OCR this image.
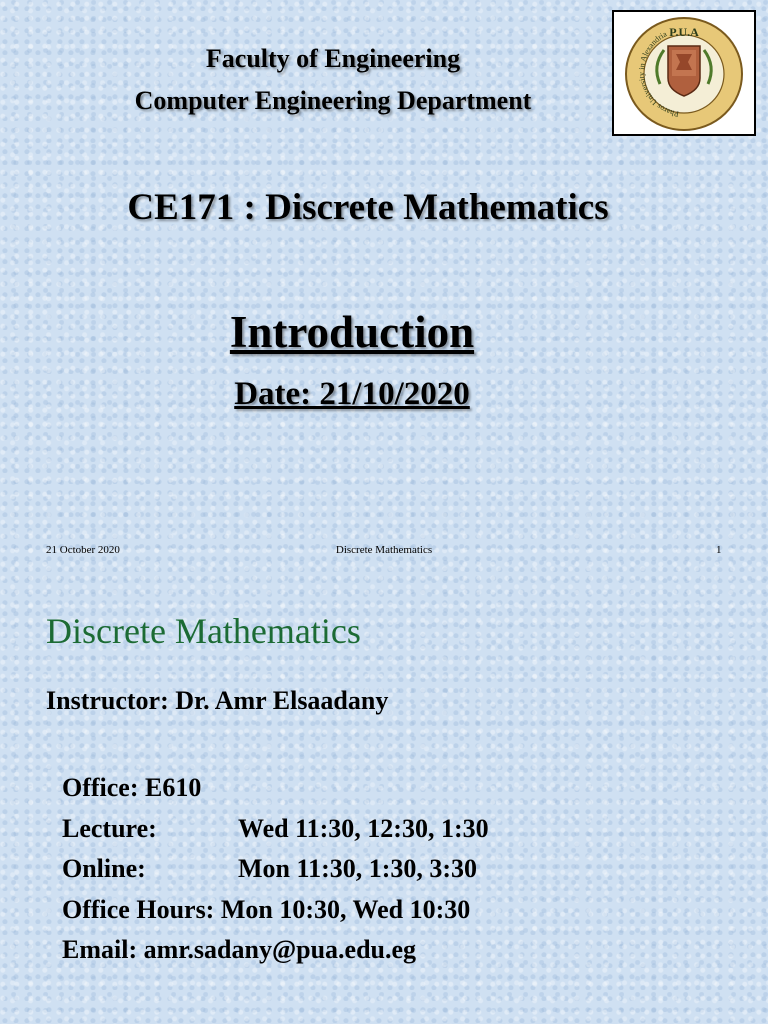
Faculty of Engineering
Computer Engineering Department	Pharos University in Alexandria P.U.A
CE171 : Discrete Mathematics
Introduction
Date: 21/10/2020
21 October 2020	Discrete Mathematics	1
Discrete Mathematics
Instructor: Dr. Amr Elsaadany
Office: E610
Lecture:	Wed 11:30, 12:30, 1:30
Online:	Mon 11:30, 1:30, 3:30
Office Hours: Mon 10:30, Wed 10:30
Email: amr.sadany@pua.edu.eg
